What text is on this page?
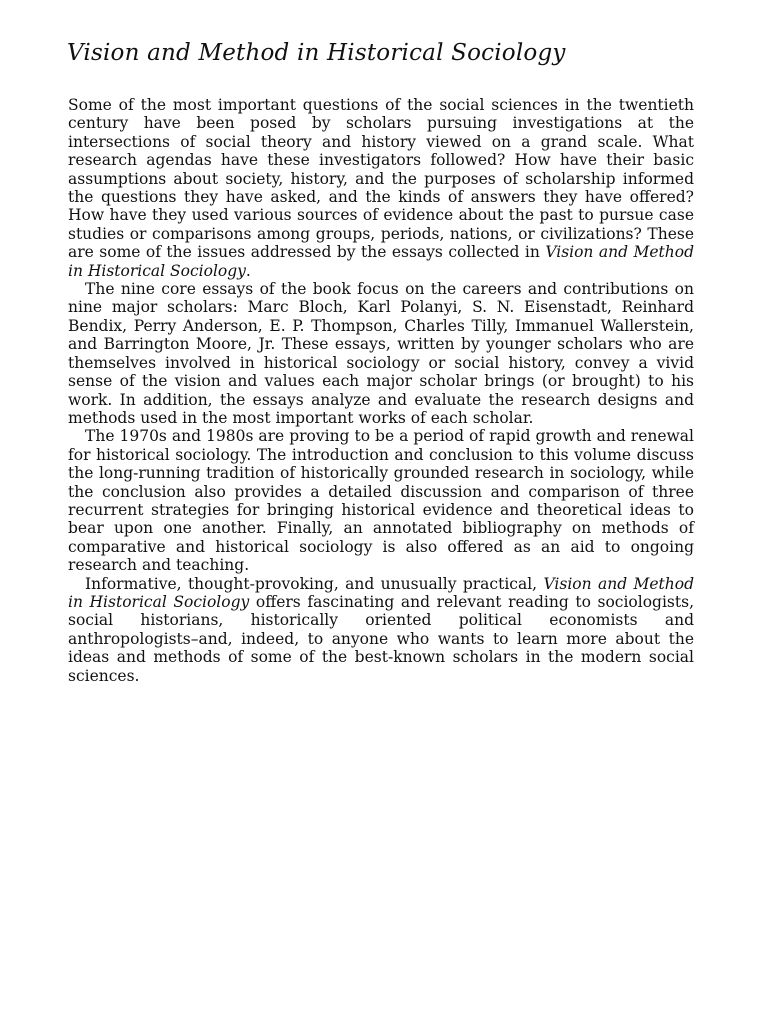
Vision and Method in Historical Sociology

Some of the most important questions of the social sciences in the twentieth century have been posed by scholars pursuing investigations at the intersections of social theory and history viewed on a grand scale. What research agendas have these investigators followed? How have their basic assumptions about society, history, and the purposes of scholarship informed the questions they have asked, and the kinds of answers they have offered? How have they used various sources of evidence about the past to pursue case studies or comparisons among groups, periods, nations, or civilizations? These are some of the issues addressed by the essays collected in Vision and Method in Historical Sociology.

The nine core essays of the book focus on the careers and contributions on nine major scholars: Marc Bloch, Karl Polanyi, S. N. Eisenstadt, Reinhard Bendix, Perry Anderson, E. P. Thompson, Charles Tilly, Immanuel Wallerstein, and Barrington Moore, Jr. These essays, written by younger scholars who are themselves involved in historical sociology or social history, convey a vivid sense of the vision and values each major scholar brings (or brought) to his work. In addition, the essays analyze and evaluate the research designs and methods used in the most important works of each scholar.

The 1970s and 1980s are proving to be a period of rapid growth and renewal for historical sociology. The introduction and conclusion to this volume discuss the long-running tradition of historically grounded research in sociology, while the conclusion also provides a detailed discussion and comparison of three recurrent strategies for bringing historical evidence and theoretical ideas to bear upon one another. Finally, an annotated bibliography on methods of comparative and historical sociology is also offered as an aid to ongoing research and teaching.

Informative, thought-provoking, and unusually practical, Vision and Method in Historical Sociology offers fascinating and relevant reading to sociologists, social historians, historically oriented political economists and anthropologists–and, indeed, to anyone who wants to learn more about the ideas and methods of some of the best-known scholars in the modern social sciences.
